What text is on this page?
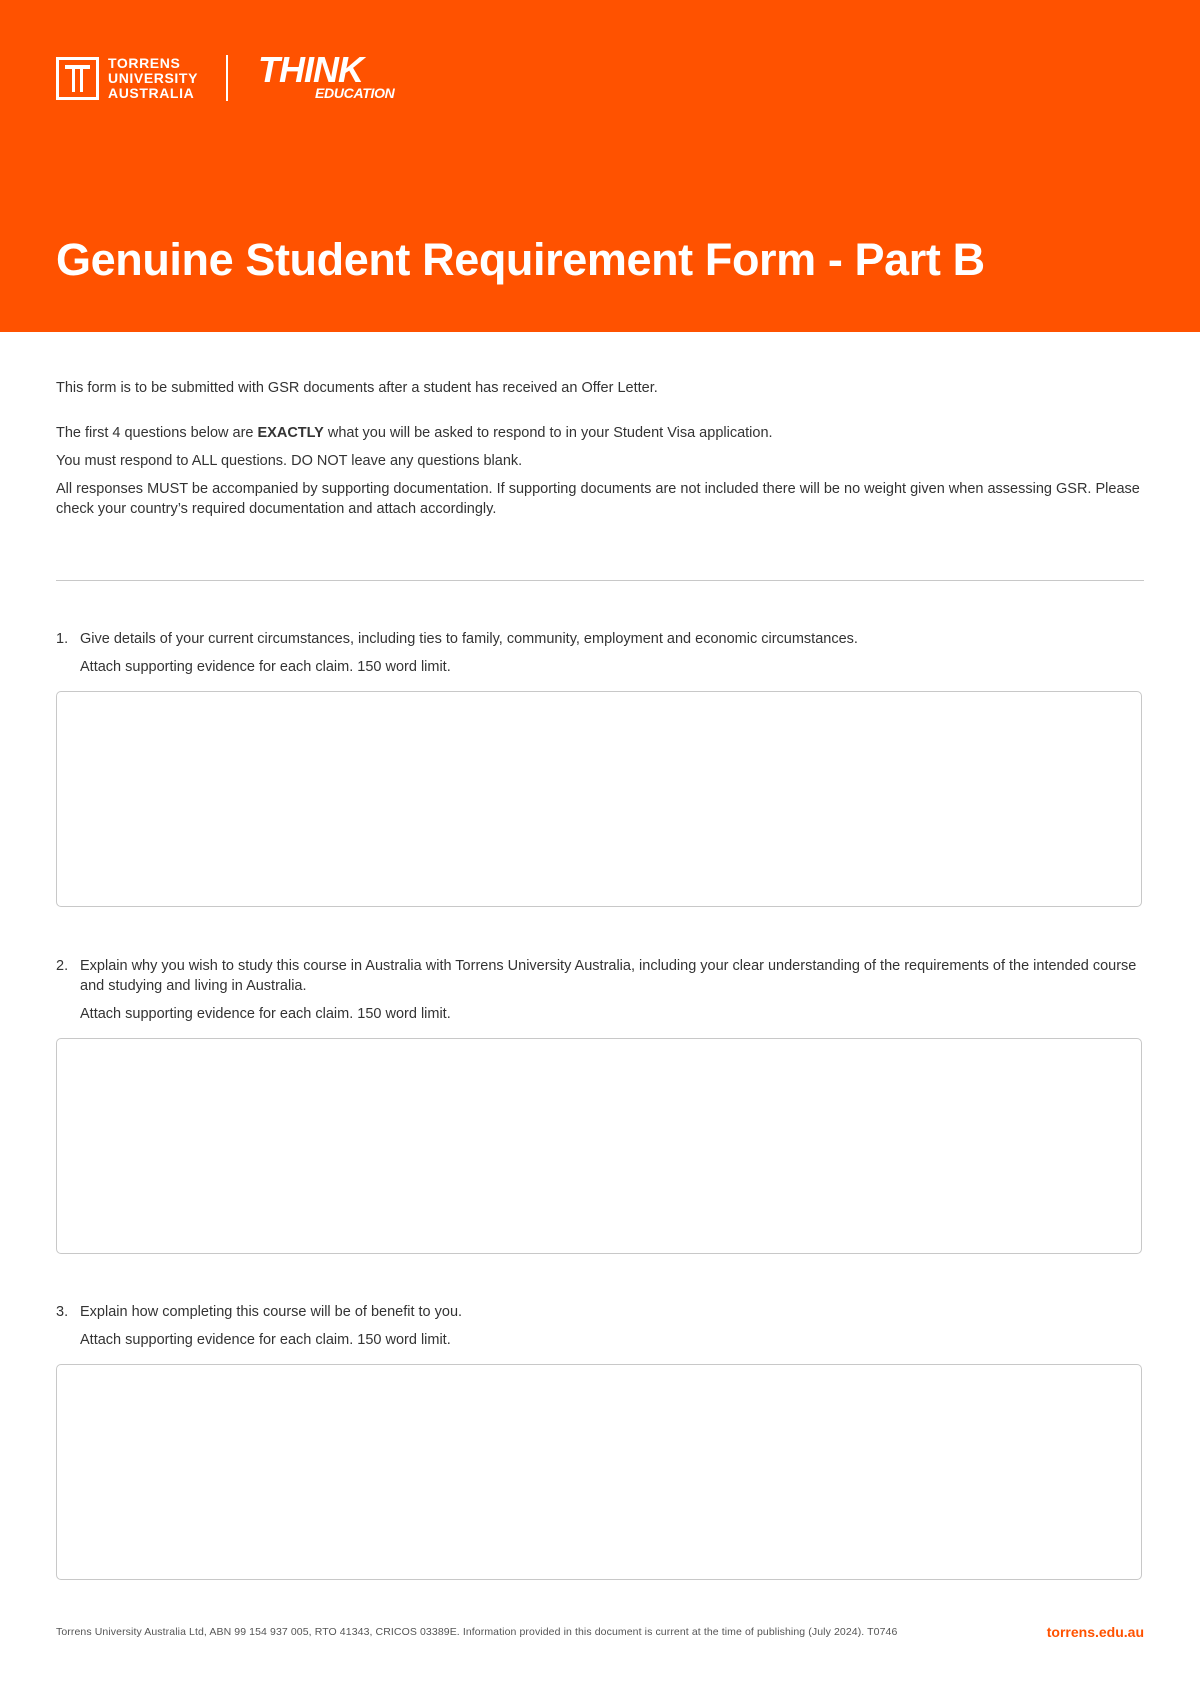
TORRENS
UNIVERSITY
AUSTRALIA
THINK
EDUCATION
Genuine Student Requirement Form - Part B

This form is to be submitted with GSR documents after a student has received an Offer Letter.

The first 4 questions below are EXACTLY what you will be asked to respond to in your Student Visa application.

You must respond to ALL questions. DO NOT leave any questions blank.

All responses MUST be accompanied by supporting documentation. If supporting documents are not included there will be no weight given when assessing GSR. Please check your country’s required documentation and attach accordingly.

1. Give details of your current circumstances, including ties to family, community, employment and economic circumstances.
Attach supporting evidence for each claim. 150 word limit.
2. Explain why you wish to study this course in Australia with Torrens University Australia, including your clear understanding of the requirements of the intended course and studying and living in Australia.
Attach supporting evidence for each claim. 150 word limit.
3. Explain how completing this course will be of benefit to you.
Attach supporting evidence for each claim. 150 word limit.
Torrens University Australia Ltd, ABN 99 154 937 005, RTO 41343, CRICOS 03389E. Information provided in this document is current at the time of publishing (July 2024). T0746	torrens.edu.au
